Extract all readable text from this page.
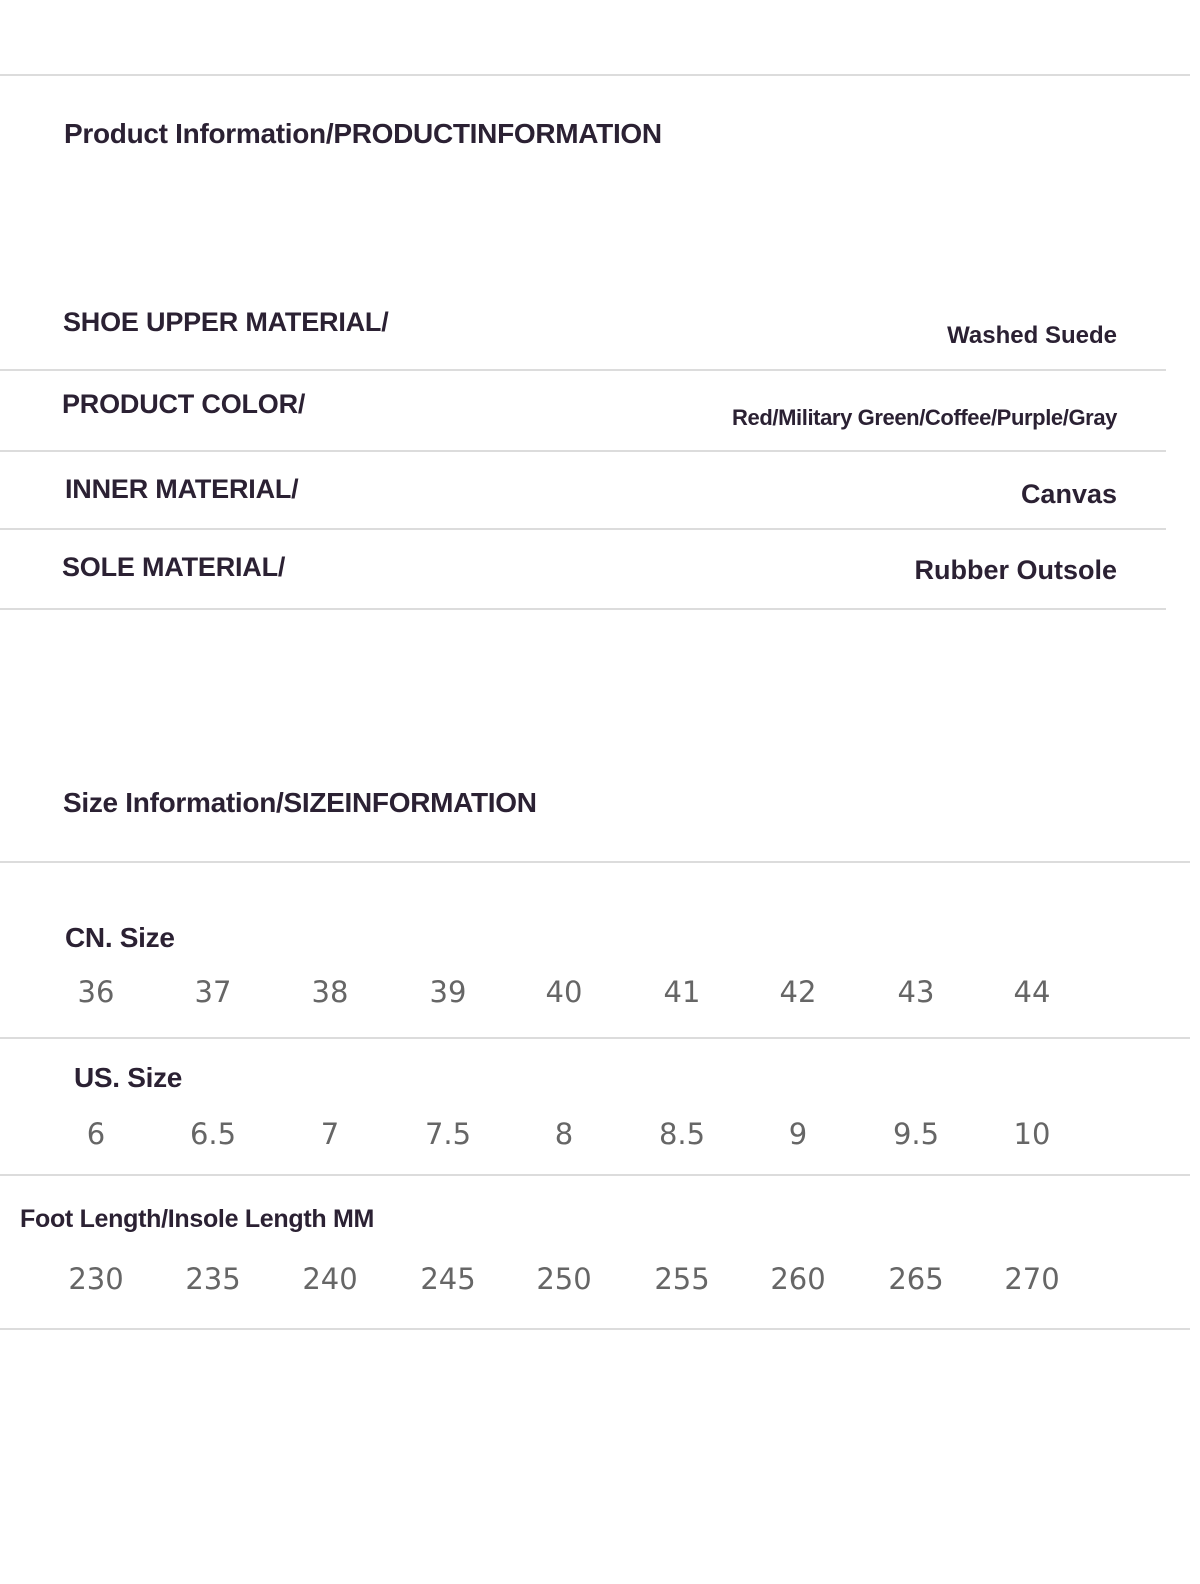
Product Information/PRODUCTINFORMATION
SHOE UPPER MATERIAL/	Washed Suede
PRODUCT COLOR/	Red/Military Green/Coffee/Purple/Gray
INNER MATERIAL/	Canvas
SOLE MATERIAL/	Rubber Outsole
Size Information/SIZEINFORMATION
CN. Size
36	37	38	39	40	41	42	43	44
US. Size
6	6.5	7	7.5	8	8.5	9	9.5	10
Foot Length/Insole Length MM
230	235	240	245	250	255	260	265	270
